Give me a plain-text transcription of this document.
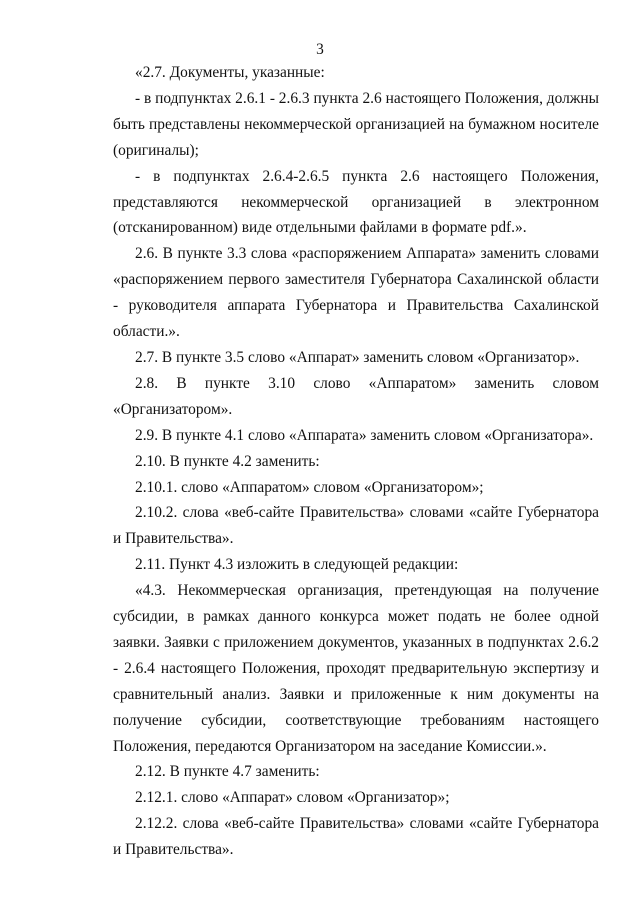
3

«2.7. Документы, указанные:

- в подпунктах 2.6.1 - 2.6.3 пункта 2.6 настоящего Положения, должны быть представлены некоммерческой организацией на бумажном носителе (оригиналы);

- в подпунктах 2.6.4-2.6.5 пункта 2.6 настоящего Положения, представляются некоммерческой организацией в электронном (отсканированном) виде отдельными файлами в формате pdf.».

2.6. В пункте 3.3 слова «распоряжением Аппарата» заменить словами «распоряжением первого заместителя Губернатора Сахалинской области - руководителя аппарата Губернатора и Правительства Сахалинской области.».

2.7. В пункте 3.5 слово «Аппарат» заменить словом «Организатор».

2.8. В пункте 3.10 слово «Аппаратом» заменить словом «Организатором».

2.9. В пункте 4.1 слово «Аппарата» заменить словом «Организатора».

2.10. В пункте 4.2 заменить:

2.10.1. слово «Аппаратом» словом «Организатором»;

2.10.2. слова «веб-сайте Правительства» словами «сайте Губернатора и Правительства».

2.11. Пункт 4.3 изложить в следующей редакции:

«4.3. Некоммерческая организация, претендующая на получение субсидии, в рамках данного конкурса может подать не более одной заявки. Заявки с приложением документов, указанных в подпунктах 2.6.2 - 2.6.4 настоящего Положения, проходят предварительную экспертизу и сравнительный анализ. Заявки и приложенные к ним документы на получение субсидии, соответствующие требованиям настоящего Положения, передаются Организатором на заседание Комиссии.».

2.12. В пункте 4.7 заменить:

2.12.1. слово «Аппарат» словом «Организатор»;

2.12.2. слова «веб-сайте Правительства» словами «сайте Губернатора и Правительства».
